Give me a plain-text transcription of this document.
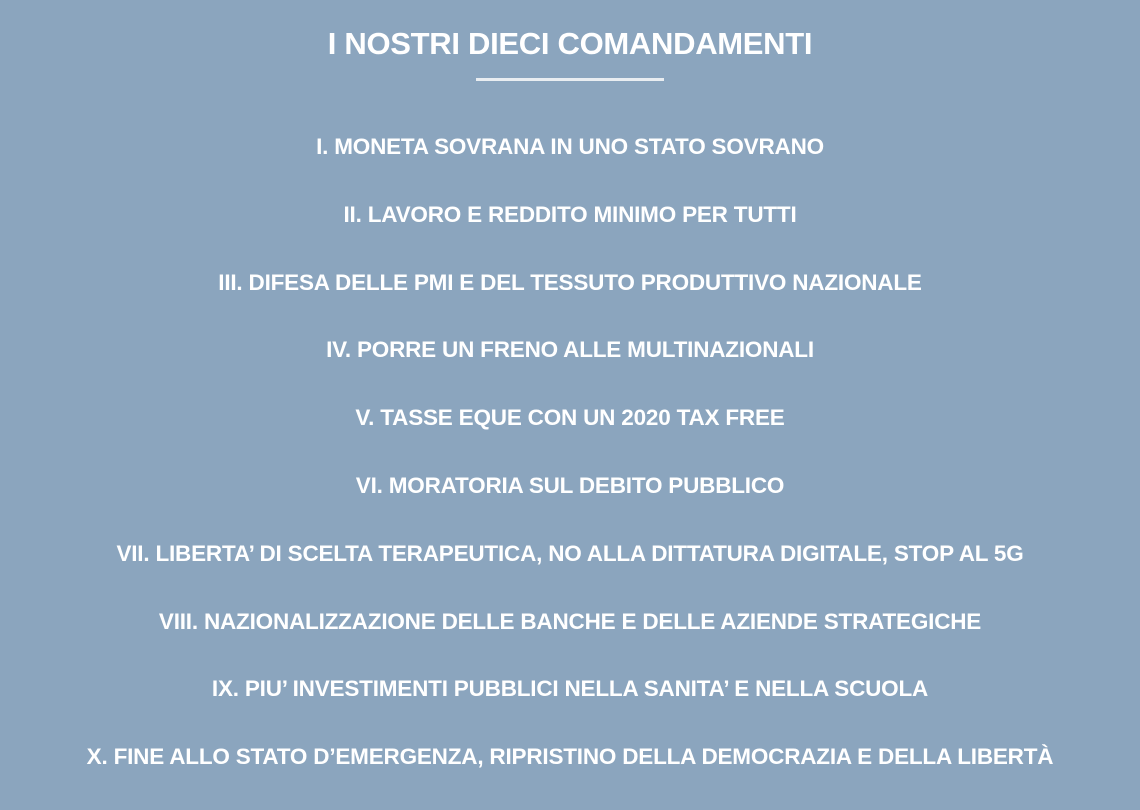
I NOSTRI DIECI COMANDAMENTI
I. MONETA SOVRANA IN UNO STATO SOVRANO
II. LAVORO E REDDITO MINIMO PER TUTTI
III. DIFESA DELLE PMI E DEL TESSUTO PRODUTTIVO NAZIONALE
IV. PORRE UN FRENO ALLE MULTINAZIONALI
V. TASSE EQUE CON UN 2020 TAX FREE
VI. MORATORIA SUL DEBITO PUBBLICO
VII. LIBERTA’ DI SCELTA TERAPEUTICA, NO ALLA DITTATURA DIGITALE, STOP AL 5G
VIII. NAZIONALIZZAZIONE DELLE BANCHE E DELLE AZIENDE STRATEGICHE
IX. PIU’ INVESTIMENTI PUBBLICI NELLA SANITA’ E NELLA SCUOLA
X. FINE ALLO STATO D’EMERGENZA, RIPRISTINO DELLA DEMOCRAZIA E DELLA LIBERTÀ
